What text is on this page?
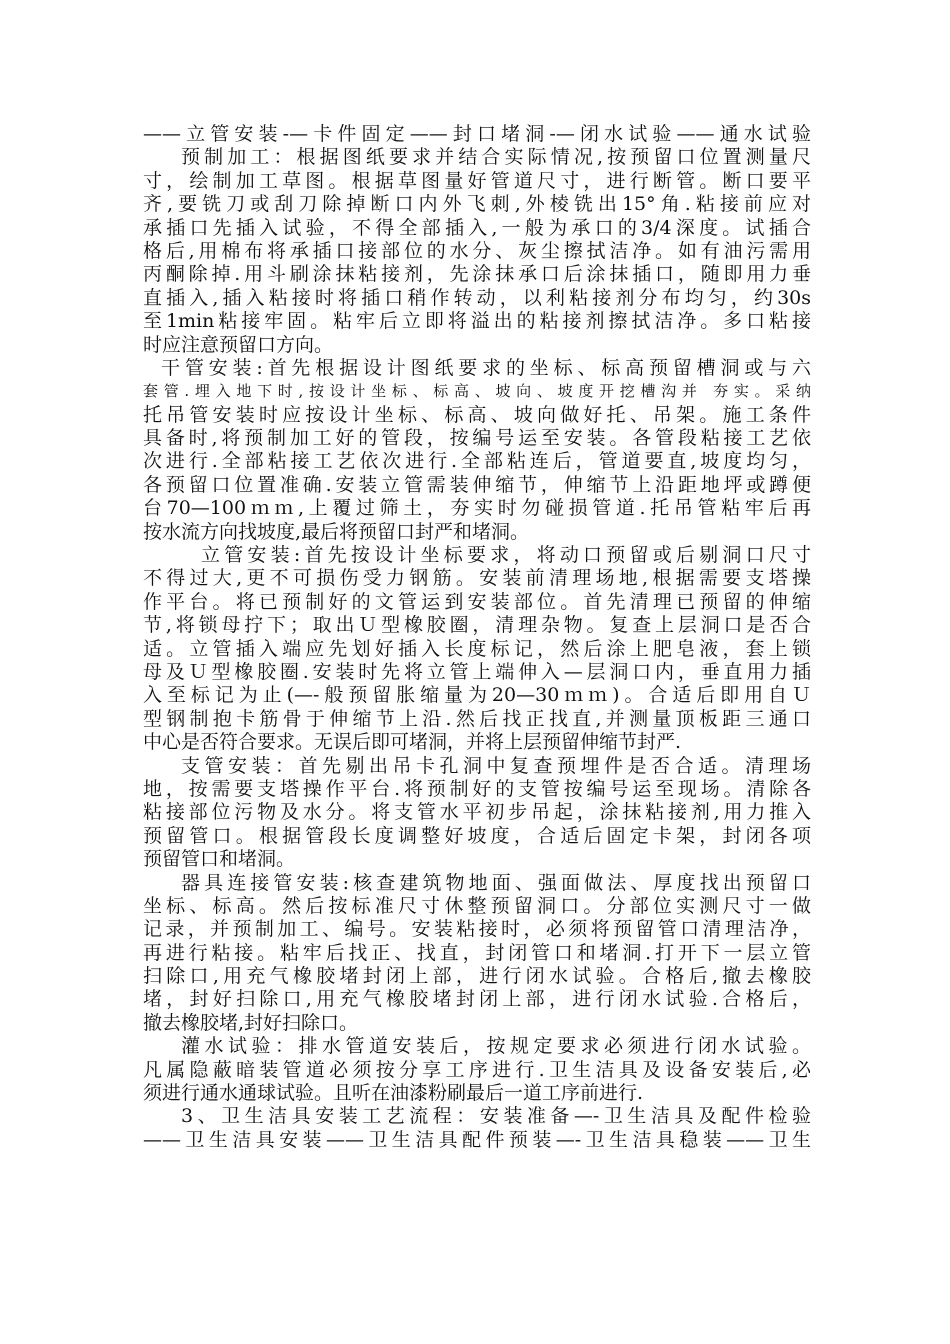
——立管安装-—卡件固定——封口堵洞-—闭水试验——通水试验
预制加工：根据图纸要求并结合实际情况,按预留口位置测量尺
寸，绘制加工草图。根据草图量好管道尺寸，进行断管。断口要平
齐,要铣刀或刮刀除掉断口内外飞刺,外棱铣出15°角.粘接前应对
承插口先插入试验，不得全部插入,一般为承口的3/4深度。试插合
格后,用棉布将承插口接部位的水分、灰尘擦拭洁净。如有油污需用
丙酮除掉.用斗刷涂抹粘接剂，先涂抹承口后涂抹插口，随即用力垂
直插入,插入粘接时将插口稍作转动，以利粘接剂分布均匀，约30s
至1min粘接牢固。粘牢后立即将溢出的粘接剂擦拭洁净。多口粘接
时应注意预留口方向。
干管安装:首先根据设计图纸要求的坐标、标高预留槽洞或与六
套管.埋入地下时,按设计坐标、标高、坡向、坡度开挖槽沟并 夯实。采纳
托吊管安装时应按设计坐标、标高、坡向做好托、吊架。施工条件
具备时,将预制加工好的管段，按编号运至安装。各管段粘接工艺依
次进行.全部粘接工艺依次进行.全部粘连后，管道要直,坡度均匀，
各预留口位置准确.安装立管需装伸缩节，伸缩节上沿距地坪或蹲便
台70—100ｍｍ,上覆过筛土，夯实时勿碰损管道.托吊管粘牢后再
按水流方向找坡度,最后将预留口封严和堵洞。
立管安装:首先按设计坐标要求，将动口预留或后剔洞口尺寸
不得过大,更不可损伤受力钢筋。安装前清理场地,根据需要支塔操
作平台。将已预制好的文管运到安装部位。首先清理已预留的伸缩
节,将锁母拧下；取出Ｕ型橡胶圈，清理杂物。复查上层洞口是否合
适。立管插入端应先划好插入长度标记，然后涂上肥皂液，套上锁
母及Ｕ型橡胶圈.安装时先将立管上端伸入—层洞口内，垂直用力插
入至标记为止(—-般预留胀缩量为20—30ｍｍ)。合适后即用自Ｕ
型钢制抱卡筋骨于伸缩节上沿.然后找正找直,并测量顶板距三通口
中心是否符合要求。无误后即可堵洞，并将上层预留伸缩节封严.
支管安装：首先剔出吊卡孔洞中复查预埋件是否合适。清理场
地，按需要支塔操作平台.将预制好的支管按编号运至现场。清除各
粘接部位污物及水分。将支管水平初步吊起，涂抹粘接剂,用力推入
预留管口。根据管段长度调整好坡度，合适后固定卡架，封闭各项
预留管口和堵洞。
器具连接管安装:核查建筑物地面、强面做法、厚度找出预留口
坐标、标高。然后按标准尺寸休整预留洞口。分部位实测尺寸一做
记录，并预制加工、编号。安装粘接时，必须将预留管口清理洁净，
再进行粘接。粘牢后找正、找直，封闭管口和堵洞.打开下一层立管
扫除口,用充气橡胶堵封闭上部，进行闭水试验。合格后,撤去橡胶
堵，封好扫除口,用充气橡胶堵封闭上部，进行闭水试验.合格后，
撤去橡胶堵,封好扫除口。
灌水试验：排水管道安装后，按规定要求必须进行闭水试验。
凡属隐蔽暗装管道必须按分享工序进行.卫生洁具及设备安装后,必
须进行通水通球试验。且听在油漆粉刷最后一道工序前进行.
3、卫生洁具安装工艺流程：安装准备—-卫生洁具及配件检验
——卫生洁具安装——卫生洁具配件预装—-卫生洁具稳装——卫生
